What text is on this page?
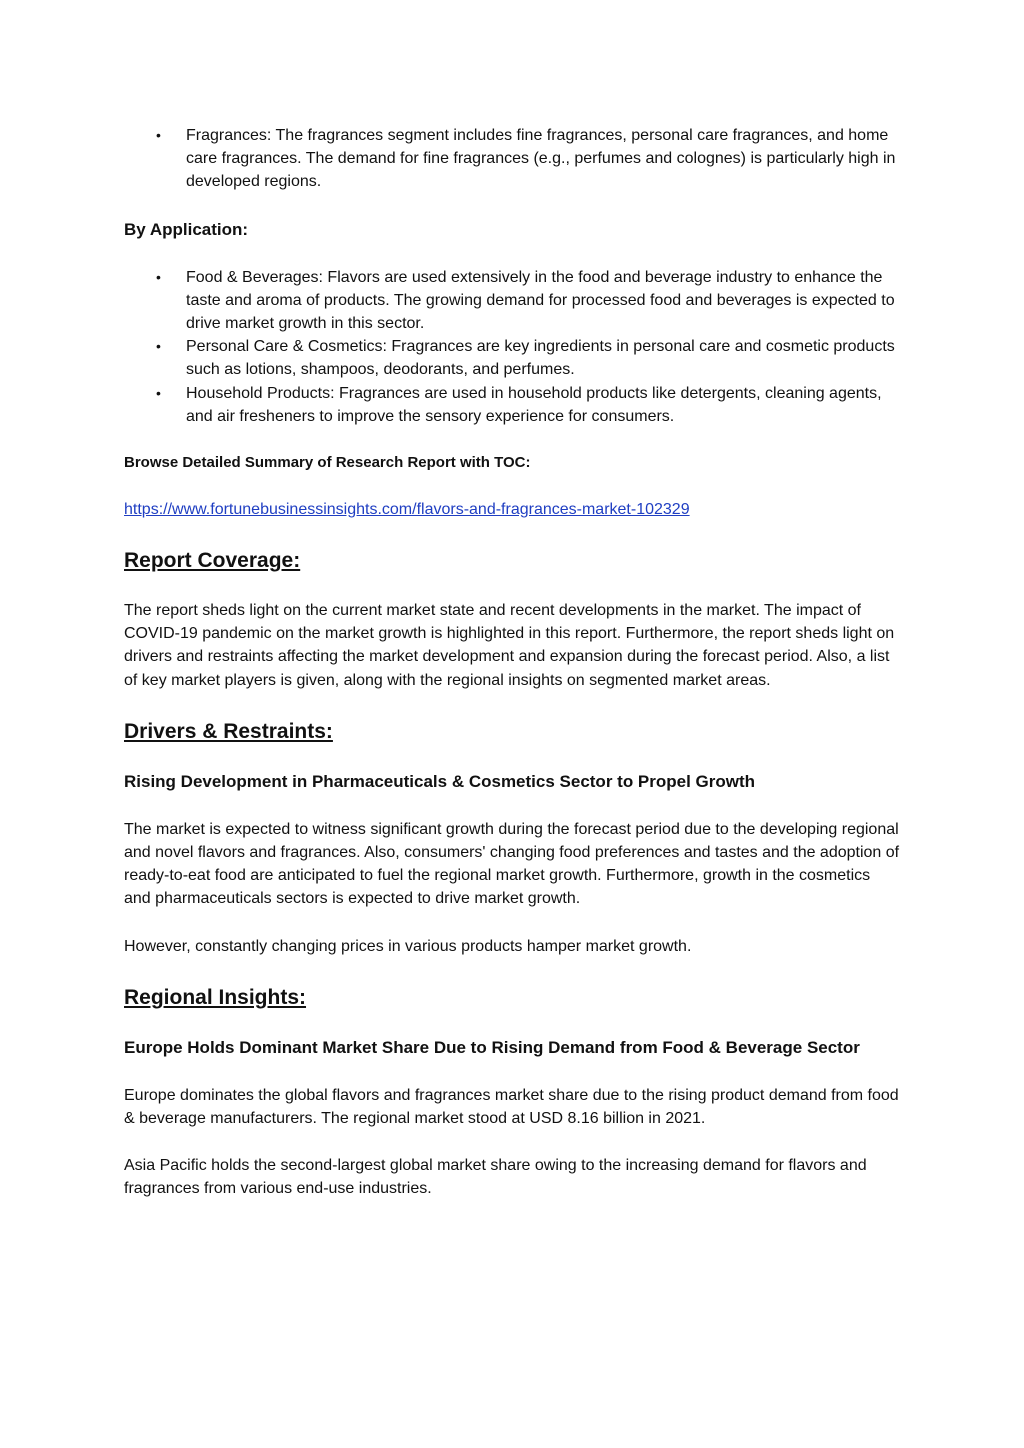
•	Fragrances: The fragrances segment includes fine fragrances, personal care fragrances, and home care fragrances. The demand for fine fragrances (e.g., perfumes and colognes) is particularly high in developed regions.

By Application:

•	Food & Beverages: Flavors are used extensively in the food and beverage industry to enhance the taste and aroma of products. The growing demand for processed food and beverages is expected to drive market growth in this sector.
•	Personal Care & Cosmetics: Fragrances are key ingredients in personal care and cosmetic products such as lotions, shampoos, deodorants, and perfumes.
•	Household Products: Fragrances are used in household products like detergents, cleaning agents, and air fresheners to improve the sensory experience for consumers.

Browse Detailed Summary of Research Report with TOC:

https://www.fortunebusinessinsights.com/flavors-and-fragrances-market-102329

Report Coverage:

The report sheds light on the current market state and recent developments in the market. The impact of COVID-19 pandemic on the market growth is highlighted in this report. Furthermore, the report sheds light on drivers and restraints affecting the market development and expansion during the forecast period. Also, a list of key market players is given, along with the regional insights on segmented market areas.

Drivers & Restraints:

Rising Development in Pharmaceuticals & Cosmetics Sector to Propel Growth

The market is expected to witness significant growth during the forecast period due to the developing regional and novel flavors and fragrances. Also, consumers' changing food preferences and tastes and the adoption of ready-to-eat food are anticipated to fuel the regional market growth. Furthermore, growth in the cosmetics and pharmaceuticals sectors is expected to drive market growth.

However, constantly changing prices in various products hamper market growth.

Regional Insights:

Europe Holds Dominant Market Share Due to Rising Demand from Food & Beverage Sector

Europe dominates the global flavors and fragrances market share due to the rising product demand from food & beverage manufacturers. The regional market stood at USD 8.16 billion in 2021.

Asia Pacific holds the second-largest global market share owing to the increasing demand for flavors and fragrances from various end-use industries.
